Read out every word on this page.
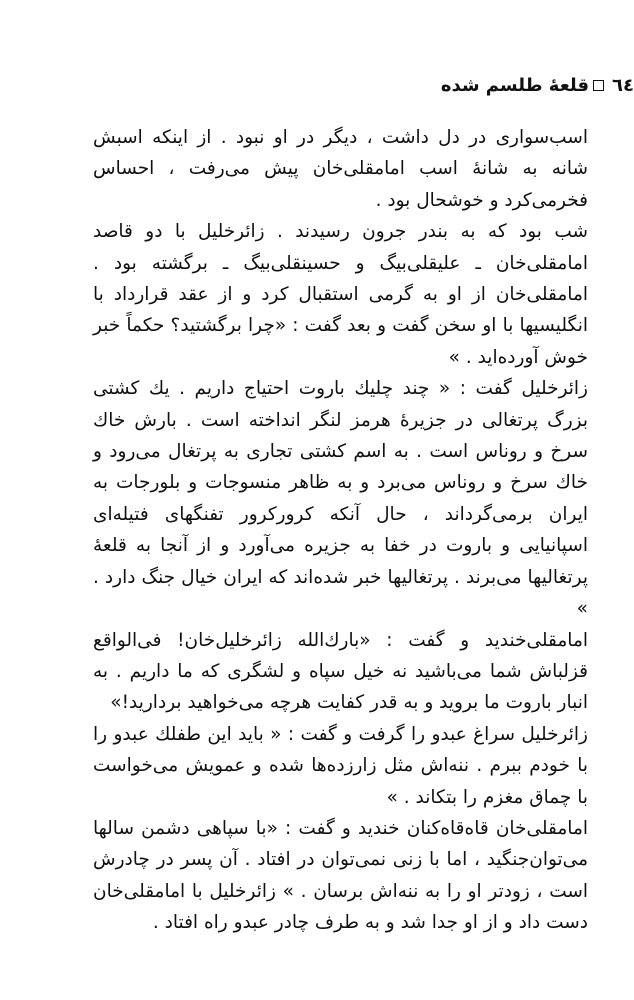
٦٤
قلعهٔ طلسم شده

اسب‌سواری در دل داشت ، دیگر در او نبود . از اینکه اسبش شانه به شانهٔ اسب امامقلی‌خان پیش می‌رفت ، احساس فخرمی‌کرد و خوشحال بود .

شب بود که به بندر جرون رسیدند . زائرخلیل با دو قاصد امامقلی‌خان ـ علیقلی‌بیگ و حسینقلی‌بیگ ـ برگشته بود . امامقلی‌خان از او به گرمی استقبال کرد و از عقد قرارداد با انگلیسیها با او سخن گفت و بعد گفت : «چرا برگشتید؟ حکماً خبر خوش آورده‌اید . »

زائرخلیل گفت : « چند چلیك باروت احتیاج داریم . یك کشتی بزرگ پرتغالی در جزیرهٔ هرمز لنگر انداخته است . بارش خاك سرخ و روناس است . به اسم کشتی تجاری به پرتغال می‌رود و خاك سرخ و روناس می‌برد و به ظاهر منسوجات و بلورجات به ایران برمی‌گرداند ، حال آنکه کرورکرور تفنگهای فتیله‌ای اسپانیایی و باروت در خفا به جزیره می‌آورد و از آنجا به قلعهٔ پرتغالیها می‌برند . پرتغالیها خبر شده‌اند که ایران خیال جنگ دارد . »

امامقلی‌خندید و گفت : «بارك‌الله زائرخلیل‌خان! فی‌الواقع قزلباش شما می‌باشید نه خیل سپاه و لشگری که ما داریم . به انبار باروت ما بروید و به قدر کفایت هرچه می‌خواهید بردارید!»

زائرخلیل سراغ عبدو را گرفت و گفت : « باید این طفلك عبدو را با خودم ببرم . ننه‌اش مثل زارزده‌ها شده و عمویش می‌خواست با چماق مغزم را بتکاند . »

امامقلی‌خان قاه‌قاه‌کنان خندید و گفت : «با سپاهی دشمن سالها می‌توان‌جنگید ، اما با زنی نمی‌توان در افتاد . آن پسر در چادرش است ، زودتر او را به ننه‌اش برسان . » زائرخلیل با امامقلی‌خان دست داد و از او جدا شد و به طرف چادر عبدو راه افتاد .
